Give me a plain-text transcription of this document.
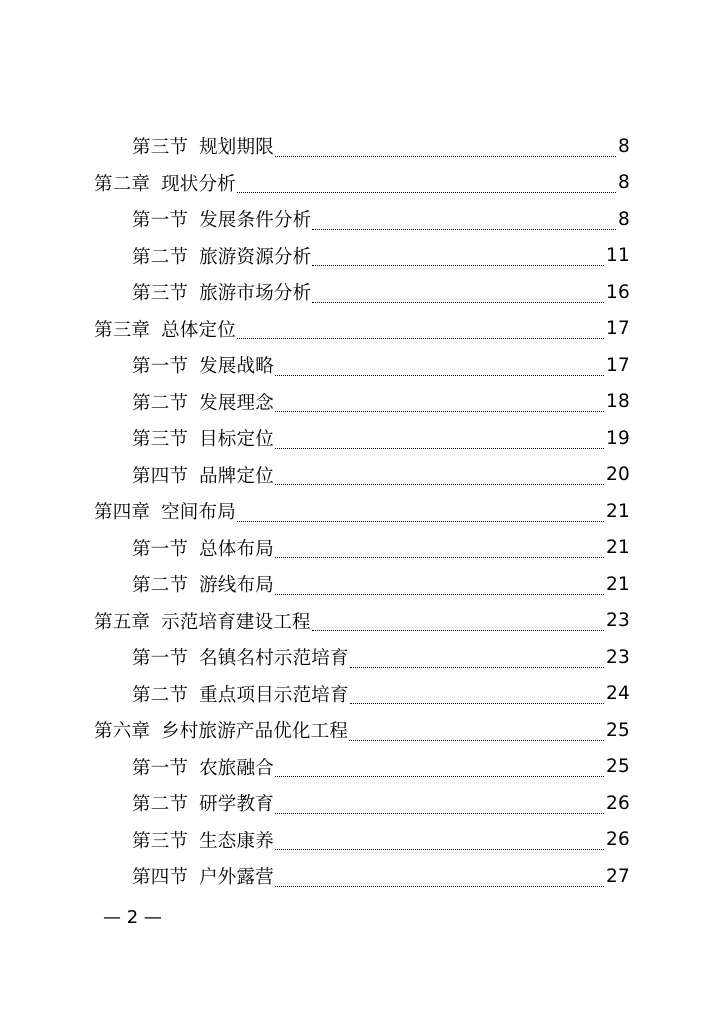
第三节 规划期限	8
第二章 现状分析	8
第一节 发展条件分析	8
第二节 旅游资源分析	11
第三节 旅游市场分析	16
第三章 总体定位	17
第一节 发展战略	17
第二节 发展理念	18
第三节 目标定位	19
第四节 品牌定位	20
第四章 空间布局	21
第一节 总体布局	21
第二节 游线布局	21
第五章 示范培育建设工程	23
第一节 名镇名村示范培育	23
第二节 重点项目示范培育	24
第六章 乡村旅游产品优化工程	25
第一节 农旅融合	25
第二节 研学教育	26
第三节 生态康养	26
第四节 户外露营	27
— 2 —
